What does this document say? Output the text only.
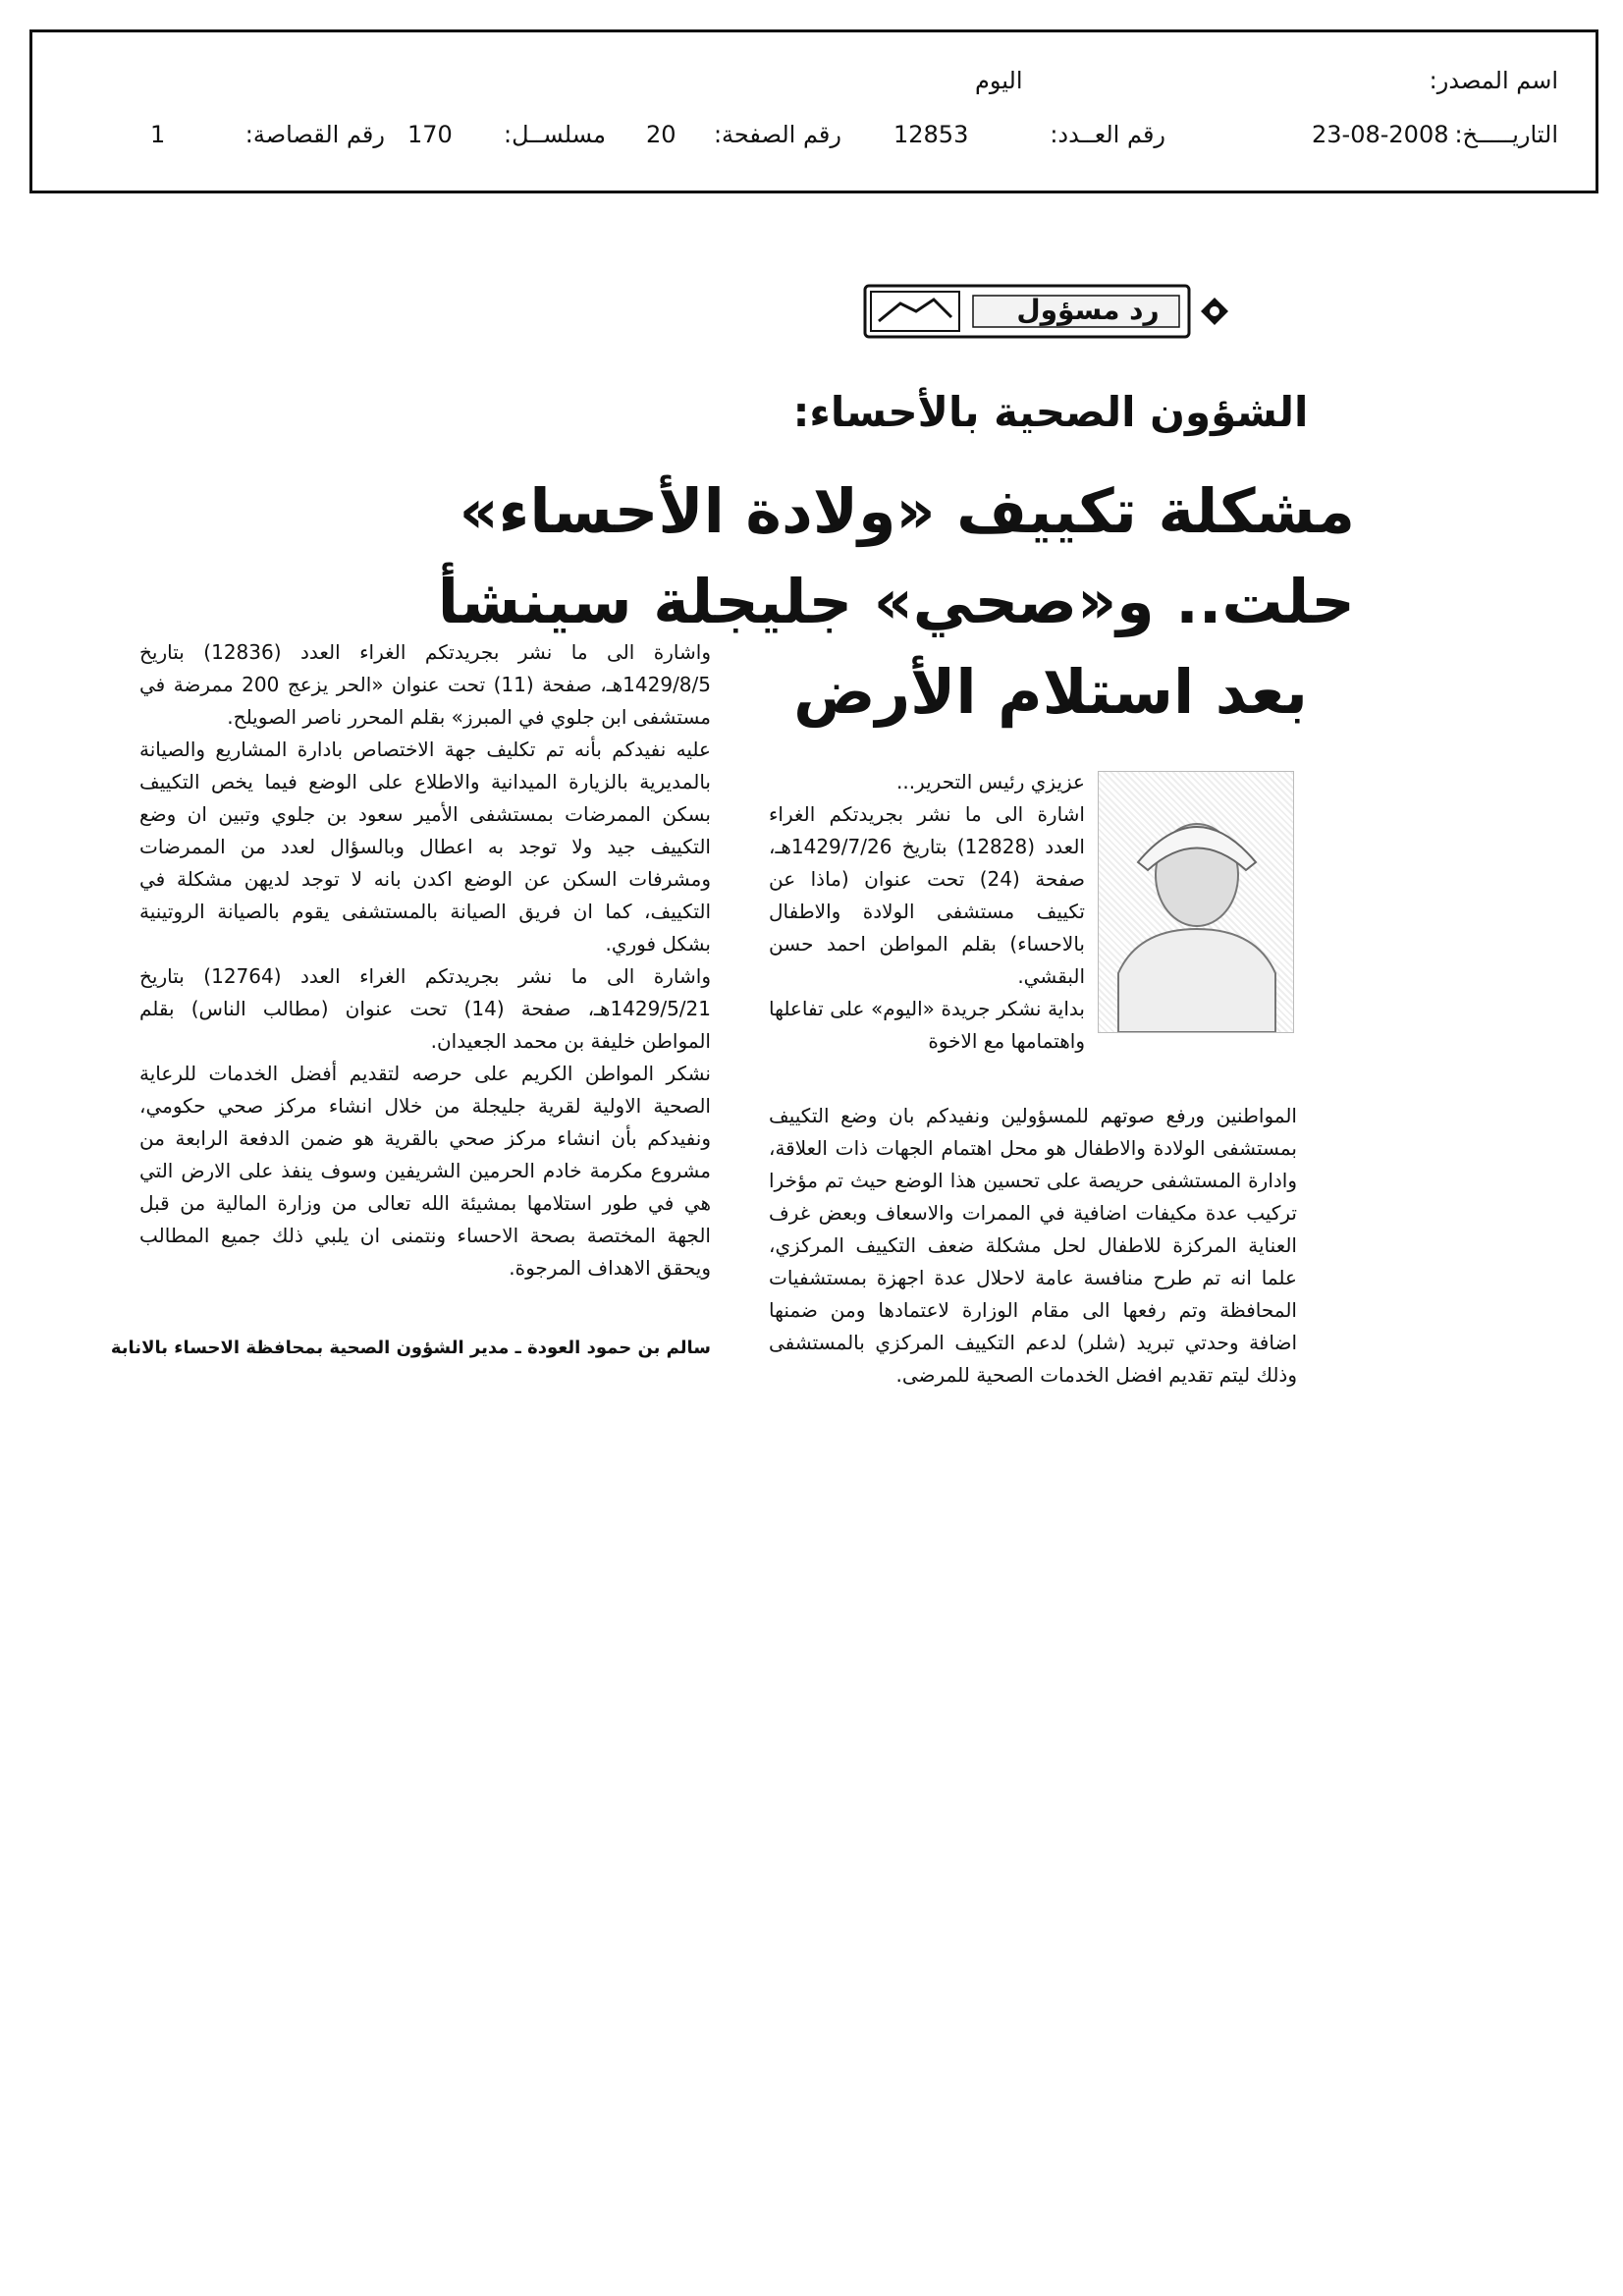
اسم المصدر:
اليوم
التاريـــــخ:
23-08-2008
رقم العــدد:
12853
رقم الصفحة:
20
مسلســل:
170
رقم القصاصة:
1
رد مسؤول
الشؤون الصحية بالأحساء:
مشكلة تكييف «ولادة الأحساء»
حلت.. و«صحي» جليجلة سينشأ
بعد استلام الأرض

عزيزي رئيس التحرير...

اشارة الى ما نشر بجريدتكم الغراء العدد (12828) بتاريخ 1429/7/26هـ، صفحة (24) تحت عنوان (ماذا عن تكييف مستشفى الولادة والاطفال بالاحساء) بقلم المواطن احمد حسن البقشي.

بداية نشكر جريدة «اليوم» على تفاعلها واهتمامها مع الاخوة

المواطنين ورفع صوتهم للمسؤولين ونفيدكم بان وضع التكييف بمستشفى الولادة والاطفال هو محل اهتمام الجهات ذات العلاقة، وادارة المستشفى حريصة على تحسين هذا الوضع حيث تم مؤخرا تركيب عدة مكيفات اضافية في الممرات والاسعاف وبعض غرف العناية المركزة للاطفال لحل مشكلة ضعف التكييف المركزي، علما انه تم طرح منافسة عامة لاحلال عدة اجهزة بمستشفيات المحافظة وتم رفعها الى مقام الوزارة لاعتمادها ومن ضمنها اضافة وحدتي تبريد (شلر) لدعم التكييف المركزي بالمستشفى وذلك ليتم تقديم افضل الخدمات الصحية للمرضى.

واشارة الى ما نشر بجريدتكم الغراء العدد (12836) بتاريخ 1429/8/5هـ، صفحة (11) تحت عنوان «الحر يزعج 200 ممرضة في مستشفى ابن جلوي في المبرز» بقلم المحرر ناصر الصويلح.

عليه نفيدكم بأنه تم تكليف جهة الاختصاص بادارة المشاريع والصيانة بالمديرية بالزيارة الميدانية والاطلاع على الوضع فيما يخص التكييف بسكن الممرضات بمستشفى الأمير سعود بن جلوي وتبين ان وضع التكييف جيد ولا توجد به اعطال وبالسؤال لعدد من الممرضات ومشرفات السكن عن الوضع اكدن بانه لا توجد لديهن مشكلة في التكييف، كما ان فريق الصيانة بالمستشفى يقوم بالصيانة الروتينية بشكل فوري.

واشارة الى ما نشر بجريدتكم الغراء العدد (12764) بتاريخ 1429/5/21هـ، صفحة (14) تحت عنوان (مطالب الناس) بقلم المواطن خليفة بن محمد الجعيدان.

نشكر المواطن الكريم على حرصه لتقديم أفضل الخدمات للرعاية الصحية الاولية لقرية جليجلة من خلال انشاء مركز صحي حكومي، ونفيدكم بأن انشاء مركز صحي بالقرية هو ضمن الدفعة الرابعة من مشروع مكرمة خادم الحرمين الشريفين وسوف ينفذ على الارض التي هي في طور استلامها بمشيئة الله تعالى من وزارة المالية من قبل الجهة المختصة بصحة الاحساء ونتمنى ان يلبي ذلك جميع المطالب ويحقق الاهداف المرجوة.

سالم بن حمود العودة ـ مدير الشؤون الصحية بمحافظة الاحساء بالانابة
